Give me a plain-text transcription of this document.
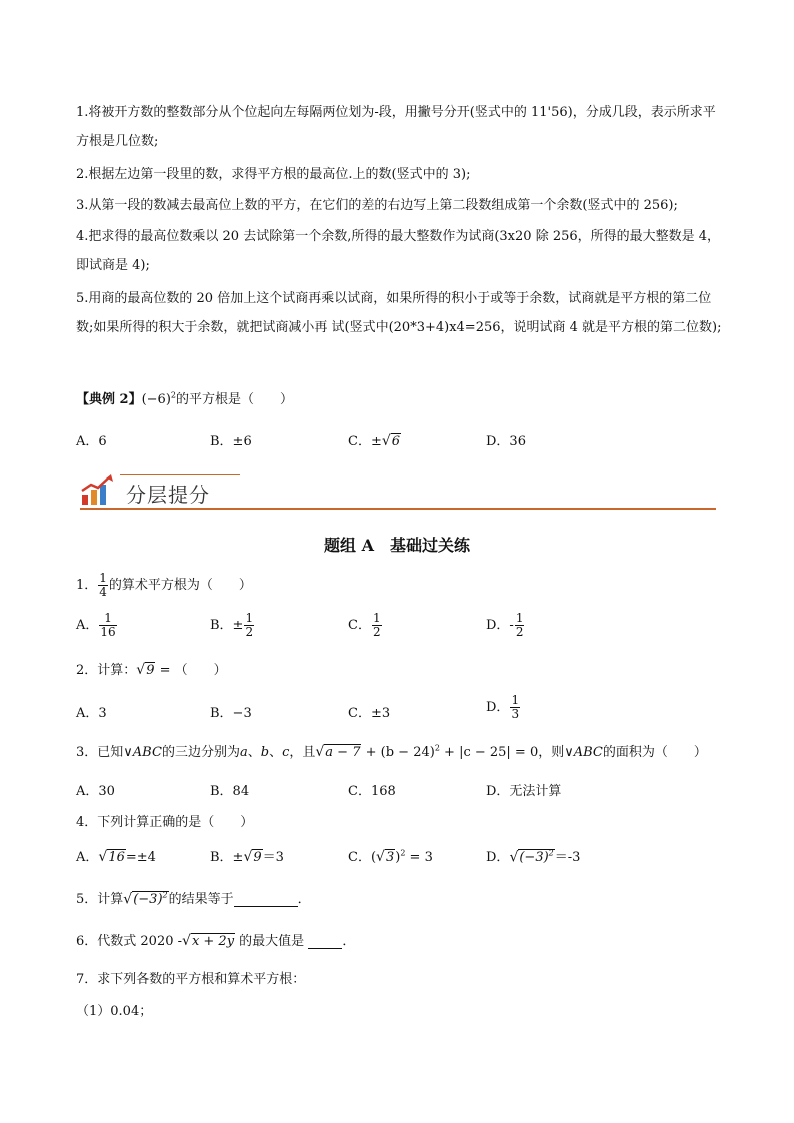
1.将被开方数的整数部分从个位起向左每隔两位划为-段，用撇号分开(竖式中的 11'56)，分成几段，表示所求平方根是几位数;
2.根据左边第一段里的数，求得平方根的最高位.上的数(竖式中的 3);
3.从第一段的数减去最高位上数的平方，在它们的差的右边写上第二段数组成第一个余数(竖式中的 256);
4.把求得的最高位数乘以 20 去试除第一个余数,所得的最大整数作为试商(3x20 除 256，所得的最大整数是 4，即试商是 4);
5.用商的最高位数的 20 倍加上这个试商再乘以试商，如果所得的积小于或等于余数，试商就是平方根的第二位数;如果所得的积大于余数，就把试商减小再 试(竖式中(20*3+4)x4=256，说明试商 4 就是平方根的第二位数);
【典例 2】$(-6)^2$的平方根是（　　）
A．6	B．±6	C．±√6	D．36
分层提分
题组 A　基础过关练
1． $\frac{1}{4}$ 的算术平方根为（　　）
A． $\frac{1}{16}$	B．± $\frac{1}{2}$	C． $\frac{1}{2}$	D．- $\frac{1}{2}$
2．计算：√9 = （　　）
A．3	B．−3	C．±3	D． $\frac{1}{3}$
3．已知∨ABC的三边分别为a、b、c，且$√a - 7 + (b - 24)^2 + |c - 25| = 0$，则∨ABC的面积为（　　）
A．30	B．84	C．168	D．无法计算
4．下列计算正确的是（　　）
A．√16=±4	B．±√9＝3	C．$(√3)^2 = 3$	D．$√(-3)^2=-3$
5．计算$√(-3)^2$的结果等于	．
6．代数式 2020 -√x + 2y 的最大值是	．
7．求下列各数的平方根和算术平方根：
（1）0.04；
